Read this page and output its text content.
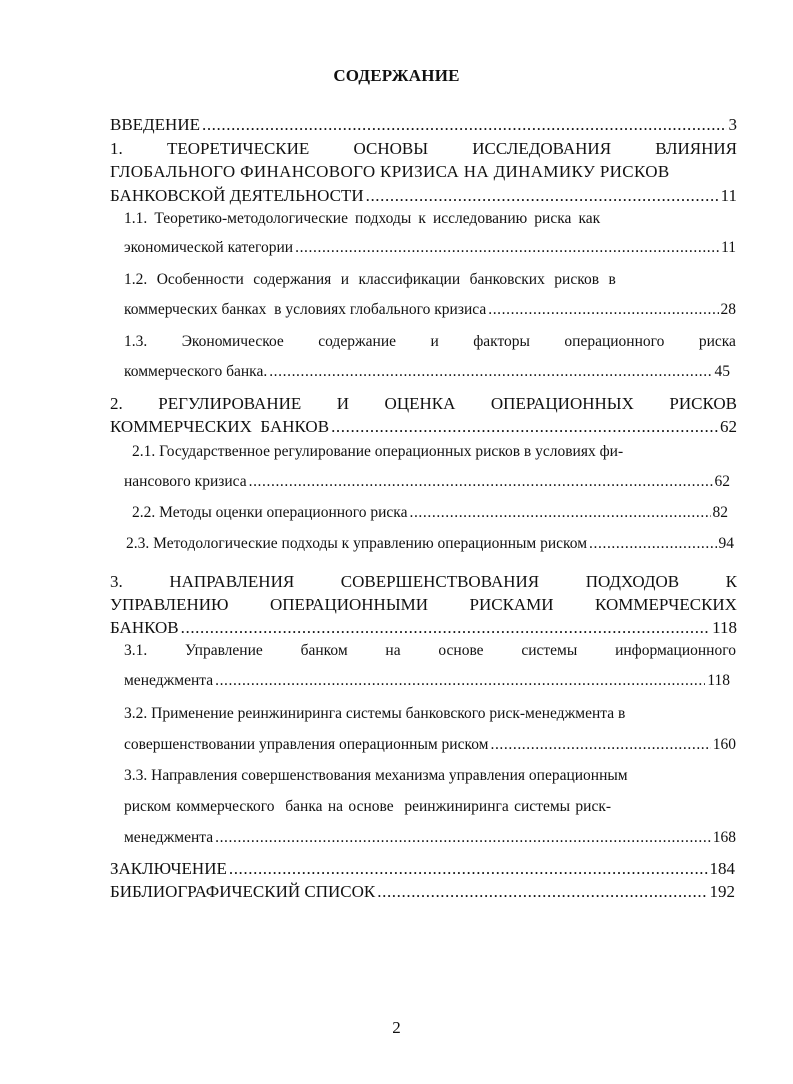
СОДЕРЖАНИЕ
ВВЕДЕНИЕ .....	3
1.	ТЕОРЕТИЧЕСКИЕ	ОСНОВЫ	ИССЛЕДОВАНИЯ	ВЛИЯНИЯ
ГЛОБАЛЬНОГО ФИНАНСОВОГО КРИЗИСА НА ДИНАМИКУ РИСКОВ
БАНКОВСКОЙ ДЕЯТЕЛЬНОСТИ .....	11
1.1. Теоретико-методологические подходы к исследованию риска как
экономической категории .....	11
1.2. Особенности содержания и классификации банковских рисков в
коммерческих банках  в условиях глобального кризиса .....	28
1.3. Экономическое содержание и факторы операционного риска
коммерческого банка. .....	45
2. РЕГУЛИРОВАНИЕ И ОЦЕНКА ОПЕРАЦИОННЫХ РИСКОВ
КОММЕРЧЕСКИХ  БАНКОВ .....	62
2.1. Государственное регулирование операционных рисков в условиях фи-
нансового кризиса .....	62
2.2. Методы оценки операционного риска .....	82
2.3. Методологические подходы к управлению операционным риском .....	94
3.	НАПРАВЛЕНИЯ	СОВЕРШЕНСТВОВАНИЯ	ПОДХОДОВ	К
УПРАВЛЕНИЮ ОПЕРАЦИОННЫМИ РИСКАМИ КОММЕРЧЕСКИХ
БАНКОВ .....	118
3.1. Управление банком на основе системы информационного
менеджмента .....	118
3.2. Применение реинжиниринга системы банковского риск-менеджмента в
совершенствовании управления операционным риском .....	160
3.3. Направления совершенствования механизма управления операционным
риском коммерческого  банка на основе  реинжиниринга системы риск-
менеджмента .....	168
ЗАКЛЮЧЕНИЕ .....	184
БИБЛИОГРАФИЧЕСКИЙ СПИСОК .....	192
2
